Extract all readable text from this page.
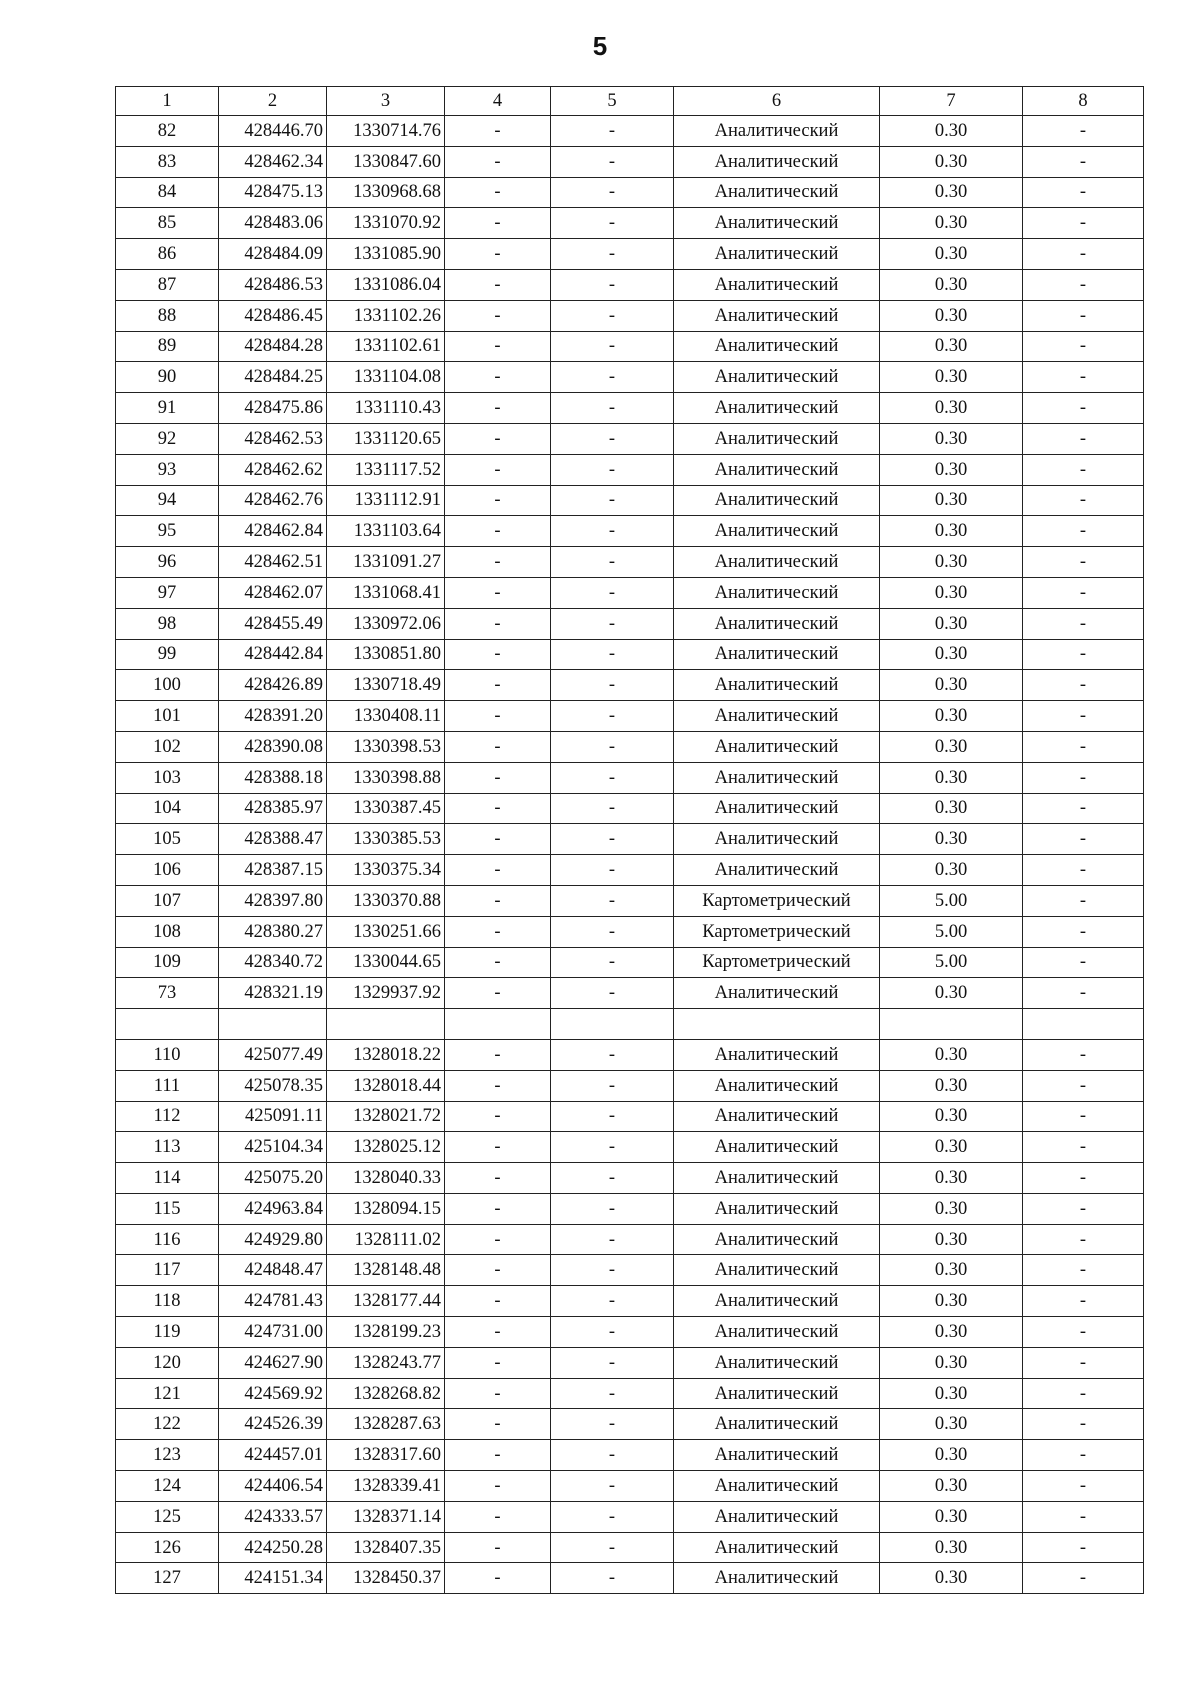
5
1	2	3	4	5	6	7	8
82	428446.70	1330714.76	-	-	Аналитический	0.30	-
83	428462.34	1330847.60	-	-	Аналитический	0.30	-
84	428475.13	1330968.68	-	-	Аналитический	0.30	-
85	428483.06	1331070.92	-	-	Аналитический	0.30	-
86	428484.09	1331085.90	-	-	Аналитический	0.30	-
87	428486.53	1331086.04	-	-	Аналитический	0.30	-
88	428486.45	1331102.26	-	-	Аналитический	0.30	-
89	428484.28	1331102.61	-	-	Аналитический	0.30	-
90	428484.25	1331104.08	-	-	Аналитический	0.30	-
91	428475.86	1331110.43	-	-	Аналитический	0.30	-
92	428462.53	1331120.65	-	-	Аналитический	0.30	-
93	428462.62	1331117.52	-	-	Аналитический	0.30	-
94	428462.76	1331112.91	-	-	Аналитический	0.30	-
95	428462.84	1331103.64	-	-	Аналитический	0.30	-
96	428462.51	1331091.27	-	-	Аналитический	0.30	-
97	428462.07	1331068.41	-	-	Аналитический	0.30	-
98	428455.49	1330972.06	-	-	Аналитический	0.30	-
99	428442.84	1330851.80	-	-	Аналитический	0.30	-
100	428426.89	1330718.49	-	-	Аналитический	0.30	-
101	428391.20	1330408.11	-	-	Аналитический	0.30	-
102	428390.08	1330398.53	-	-	Аналитический	0.30	-
103	428388.18	1330398.88	-	-	Аналитический	0.30	-
104	428385.97	1330387.45	-	-	Аналитический	0.30	-
105	428388.47	1330385.53	-	-	Аналитический	0.30	-
106	428387.15	1330375.34	-	-	Аналитический	0.30	-
107	428397.80	1330370.88	-	-	Картометрический	5.00	-
108	428380.27	1330251.66	-	-	Картометрический	5.00	-
109	428340.72	1330044.65	-	-	Картометрический	5.00	-
73	428321.19	1329937.92	-	-	Аналитический	0.30	-

110	425077.49	1328018.22	-	-	Аналитический	0.30	-
111	425078.35	1328018.44	-	-	Аналитический	0.30	-
112	425091.11	1328021.72	-	-	Аналитический	0.30	-
113	425104.34	1328025.12	-	-	Аналитический	0.30	-
114	425075.20	1328040.33	-	-	Аналитический	0.30	-
115	424963.84	1328094.15	-	-	Аналитический	0.30	-
116	424929.80	1328111.02	-	-	Аналитический	0.30	-
117	424848.47	1328148.48	-	-	Аналитический	0.30	-
118	424781.43	1328177.44	-	-	Аналитический	0.30	-
119	424731.00	1328199.23	-	-	Аналитический	0.30	-
120	424627.90	1328243.77	-	-	Аналитический	0.30	-
121	424569.92	1328268.82	-	-	Аналитический	0.30	-
122	424526.39	1328287.63	-	-	Аналитический	0.30	-
123	424457.01	1328317.60	-	-	Аналитический	0.30	-
124	424406.54	1328339.41	-	-	Аналитический	0.30	-
125	424333.57	1328371.14	-	-	Аналитический	0.30	-
126	424250.28	1328407.35	-	-	Аналитический	0.30	-
127	424151.34	1328450.37	-	-	Аналитический	0.30	-
